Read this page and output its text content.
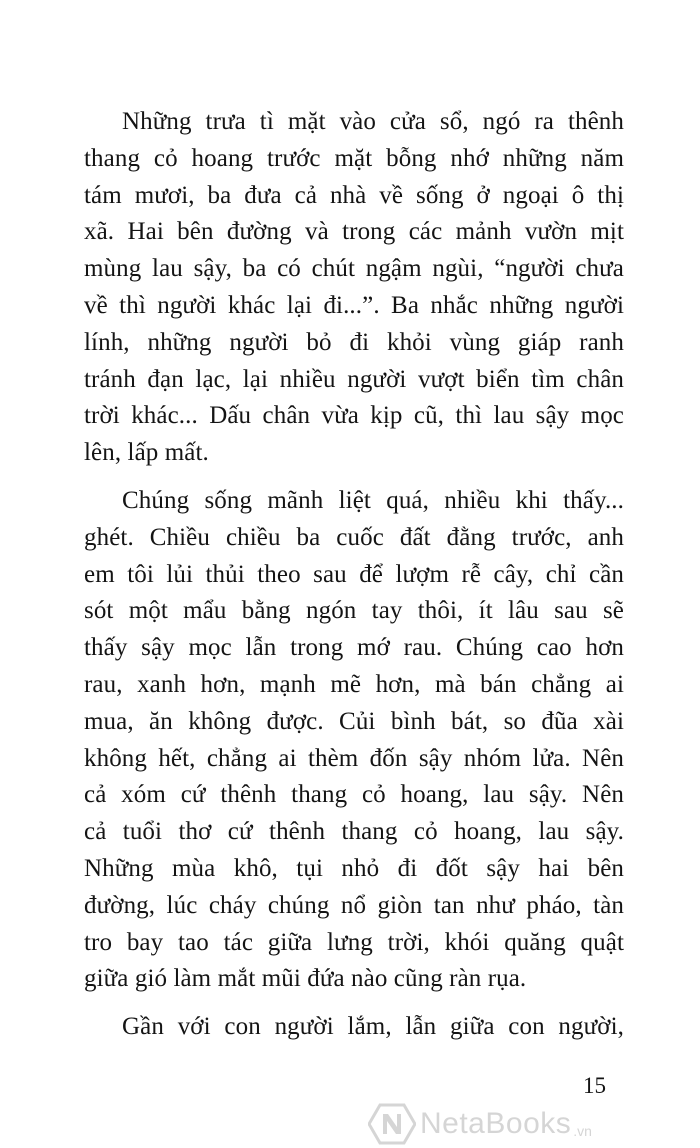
Những trưa tì mặt vào cửa sổ, ngó ra thênh
thang cỏ hoang trước mặt bỗng nhớ những năm
tám mươi, ba đưa cả nhà về sống ở ngoại ô thị
xã. Hai bên đường và trong các mảnh vườn mịt
mùng lau sậy, ba có chút ngậm ngùi, “người chưa
về thì người khác lại đi...”. Ba nhắc những người
lính, những người bỏ đi khỏi vùng giáp ranh
tránh đạn lạc, lại nhiều người vượt biển tìm chân
trời khác... Dấu chân vừa kịp cũ, thì lau sậy mọc
lên, lấp mất.
Chúng sống mãnh liệt quá, nhiều khi thấy...
ghét. Chiều chiều ba cuốc đất đằng trước, anh
em tôi lủi thủi theo sau để lượm rễ cây, chỉ cần
sót một mẩu bằng ngón tay thôi, ít lâu sau sẽ
thấy sậy mọc lẫn trong mớ rau. Chúng cao hơn
rau, xanh hơn, mạnh mẽ hơn, mà bán chẳng ai
mua, ăn không được. Củi bình bát, so đũa xài
không hết, chẳng ai thèm đốn sậy nhóm lửa. Nên
cả xóm cứ thênh thang cỏ hoang, lau sậy. Nên
cả tuổi thơ cứ thênh thang cỏ hoang, lau sậy.
Những mùa khô, tụi nhỏ đi đốt sậy hai bên
đường, lúc cháy chúng nổ giòn tan như pháo, tàn
tro bay tao tác giữa lưng trời, khói quăng quật
giữa gió làm mắt mũi đứa nào cũng ràn rụa.
Gần với con người lắm, lẫn giữa con người,
15
NetaBooks .vn
